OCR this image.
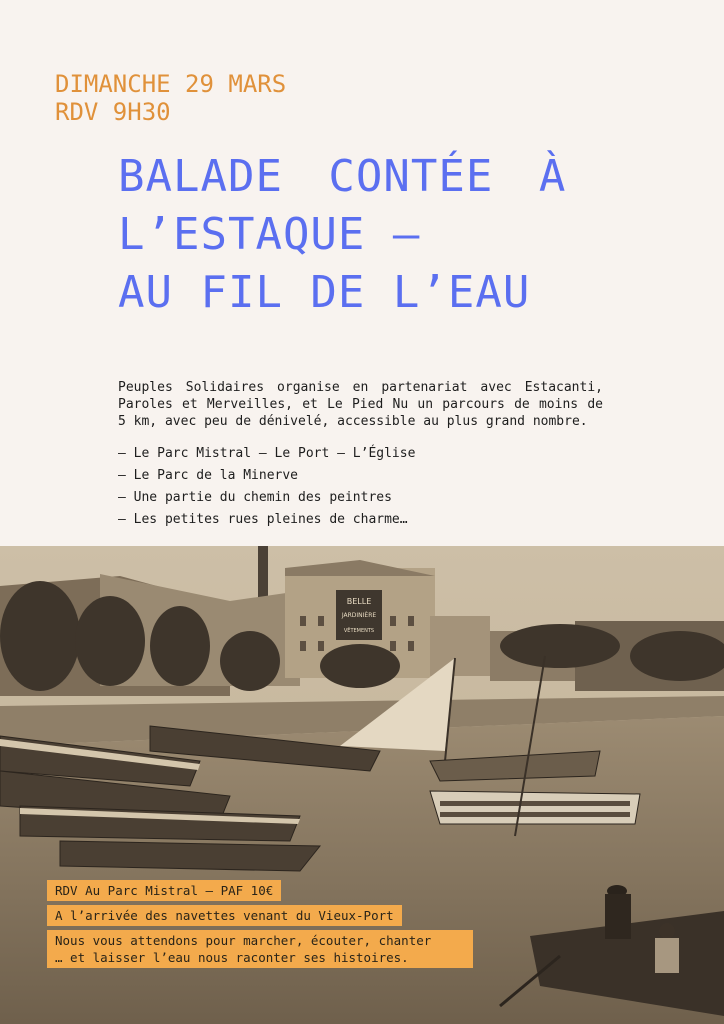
DIMANCHE 29 MARS
RDV 9H30
BALADE CONTÉE À
L’ESTAQUE –
AU FIL DE L’EAU

Peuples Solidaires organise en partenariat avec Estacanti, Paroles et Merveilles, et Le Pied Nu un parcours de moins de 5 km, avec peu de dénivelé, accessible au plus grand nombre.

– Le Parc Mistral – Le Port – L’Église
– Le Parc de la Minerve
– Une partie du chemin des peintres
– Les petites rues pleines de charme…
BELLE
JARDINIÈRE
VÊTEMENTS
RDV Au Parc Mistral – PAF 10€
A l’arrivée des navettes venant du Vieux-Port
Nous vous attendons pour marcher, écouter, chanter
… et laisser l’eau nous raconter ses histoires.
